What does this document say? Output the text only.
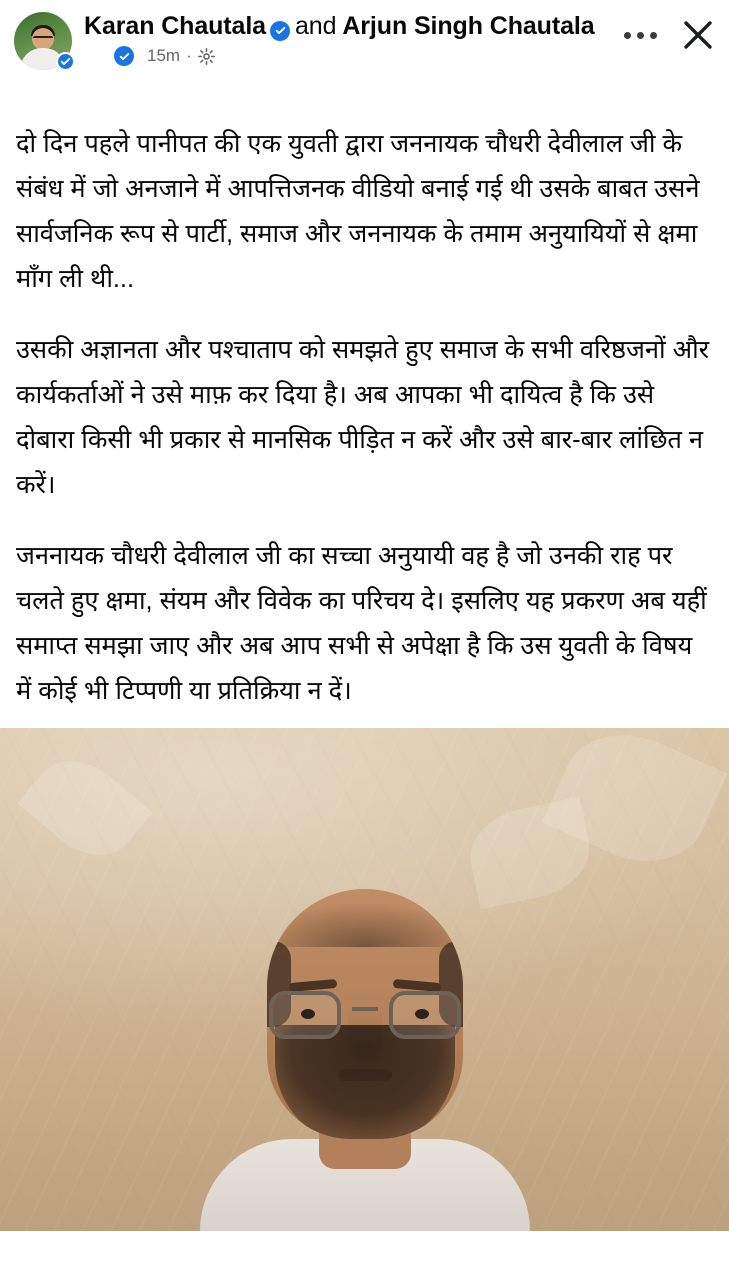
Karan Chautala and Arjun Singh Chautala
15m ·
दो दिन पहले पानीपत की एक युवती द्वारा जननायक चौधरी देवीलाल जी के संबंध में जो अनजाने में आपत्तिजनक वीडियो बनाई गई थी उसके बाबत उसने सार्वजनिक रूप से पार्टी, समाज और जननायक के तमाम अनुयायियों से क्षमा माँग ली थी...
उसकी अज्ञानता और पश्चाताप को समझते हुए समाज के सभी वरिष्ठजनों और कार्यकर्ताओं ने उसे माफ़ कर दिया है। अब आपका भी दायित्व है कि उसे दोबारा किसी भी प्रकार से मानसिक पीड़ित न करें और उसे बार-बार लांछित न करें।
जननायक चौधरी देवीलाल जी का सच्चा अनुयायी वह है जो उनकी राह पर चलते हुए क्षमा, संयम और विवेक का परिचय दे। इसलिए यह प्रकरण अब यहीं समाप्त समझा जाए और अब आप सभी से अपेक्षा है कि उस युवती के विषय में कोई भी टिप्पणी या प्रतिक्रिया न दें।
